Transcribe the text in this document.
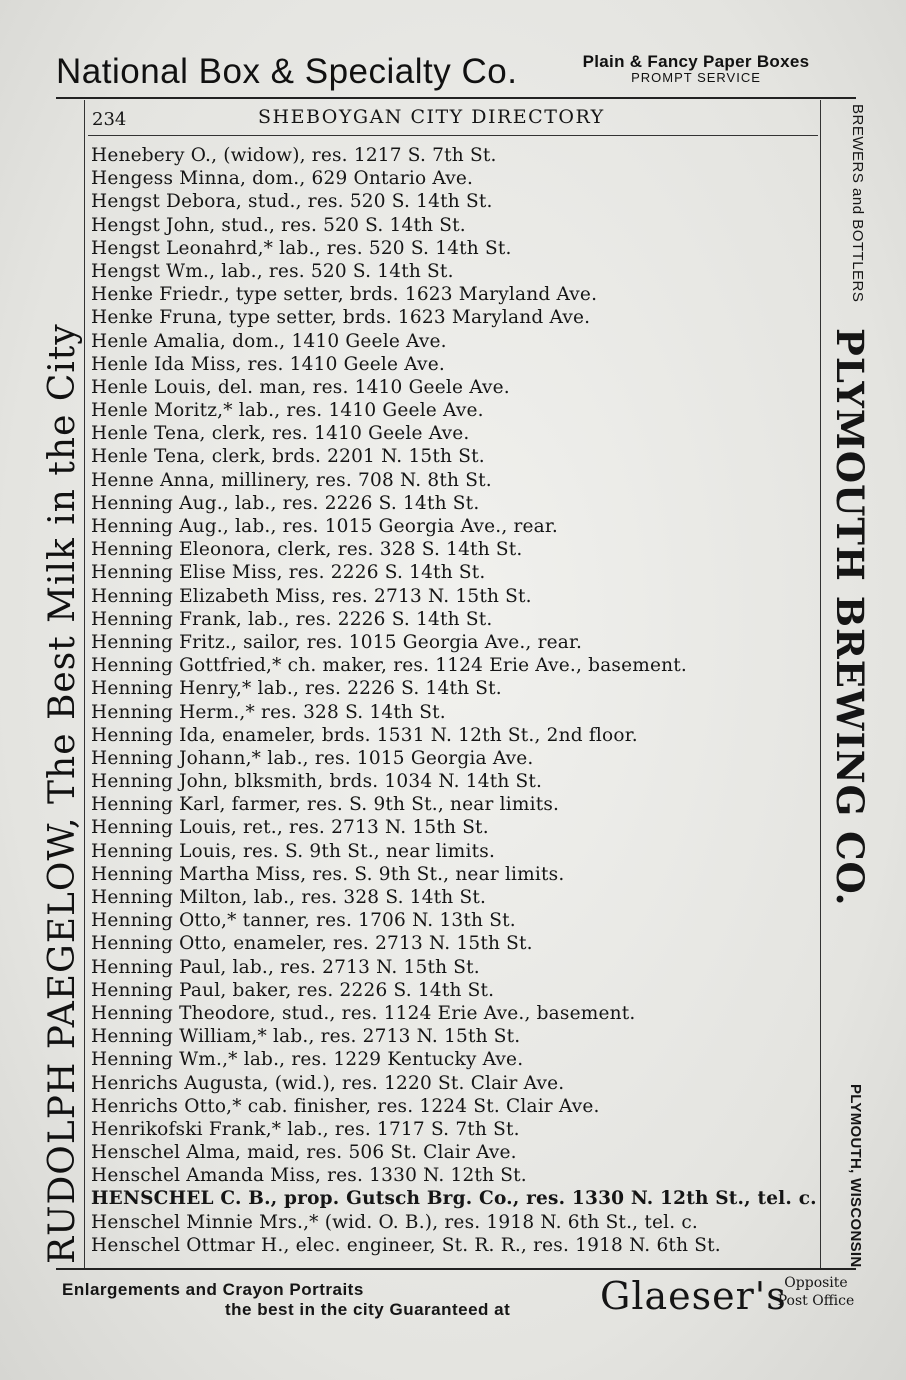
National Box & Specialty Co.	Plain & Fancy Paper Boxes
PROMPT SERVICE
234	SHEBOYGAN CITY DIRECTORY
Henebery O., (widow), res. 1217 S. 7th St.
Hengess Minna, dom., 629 Ontario Ave.
Hengst Debora, stud., res. 520 S. 14th St.
Hengst John, stud., res. 520 S. 14th St.
Hengst Leonahrd,* lab., res. 520 S. 14th St.
Hengst Wm., lab., res. 520 S. 14th St.
Henke Friedr., type setter, brds. 1623 Maryland Ave.
Henke Fruna, type setter, brds. 1623 Maryland Ave.
Henle Amalia, dom., 1410 Geele Ave.
Henle Ida Miss, res. 1410 Geele Ave.
Henle Louis, del. man, res. 1410 Geele Ave.
Henle Moritz,* lab., res. 1410 Geele Ave.
Henle Tena, clerk, res. 1410 Geele Ave.
Henle Tena, clerk, brds. 2201 N. 15th St.
Henne Anna, millinery, res. 708 N. 8th St.
Henning Aug., lab., res. 2226 S. 14th St.
Henning Aug., lab., res. 1015 Georgia Ave., rear.
Henning Eleonora, clerk, res. 328 S. 14th St.
Henning Elise Miss, res. 2226 S. 14th St.
Henning Elizabeth Miss, res. 2713 N. 15th St.
Henning Frank, lab., res. 2226 S. 14th St.
Henning Fritz., sailor, res. 1015 Georgia Ave., rear.
Henning Gottfried,* ch. maker, res. 1124 Erie Ave., basement.
Henning Henry,* lab., res. 2226 S. 14th St.
Henning Herm.,* res. 328 S. 14th St.
Henning Ida, enameler, brds. 1531 N. 12th St., 2nd floor.
Henning Johann,* lab., res. 1015 Georgia Ave.
Henning John, blksmith, brds. 1034 N. 14th St.
Henning Karl, farmer, res. S. 9th St., near limits.
Henning Louis, ret., res. 2713 N. 15th St.
Henning Louis, res. S. 9th St., near limits.
Henning Martha Miss, res. S. 9th St., near limits.
Henning Milton, lab., res. 328 S. 14th St.
Henning Otto,* tanner, res. 1706 N. 13th St.
Henning Otto, enameler, res. 2713 N. 15th St.
Henning Paul, lab., res. 2713 N. 15th St.
Henning Paul, baker, res. 2226 S. 14th St.
Henning Theodore, stud., res. 1124 Erie Ave., basement.
Henning William,* lab., res. 2713 N. 15th St.
Henning Wm.,* lab., res. 1229 Kentucky Ave.
Henrichs Augusta, (wid.), res. 1220 St. Clair Ave.
Henrichs Otto,* cab. finisher, res. 1224 St. Clair Ave.
Henrikofski Frank,* lab., res. 1717 S. 7th St.
Henschel Alma, maid, res. 506 St. Clair Ave.
Henschel Amanda Miss, res. 1330 N. 12th St.
HENSCHEL C. B., prop. Gutsch Brg. Co., res. 1330 N. 12th St., tel. c.
Henschel Minnie Mrs.,* (wid. O. B.), res. 1918 N. 6th St., tel. c.
Henschel Ottmar H., elec. engineer, St. R. R., res. 1918 N. 6th St.
RUDOLPH PAEGELOW, The Best Milk in the City
BREWERS and BOTTLERS
PLYMOUTH BREWING CO.
PLYMOUTH, WISCONSIN
Enlargements and Crayon Portraits
the best in the city Guaranteed at Glaeser's
Opposite
Post Office
